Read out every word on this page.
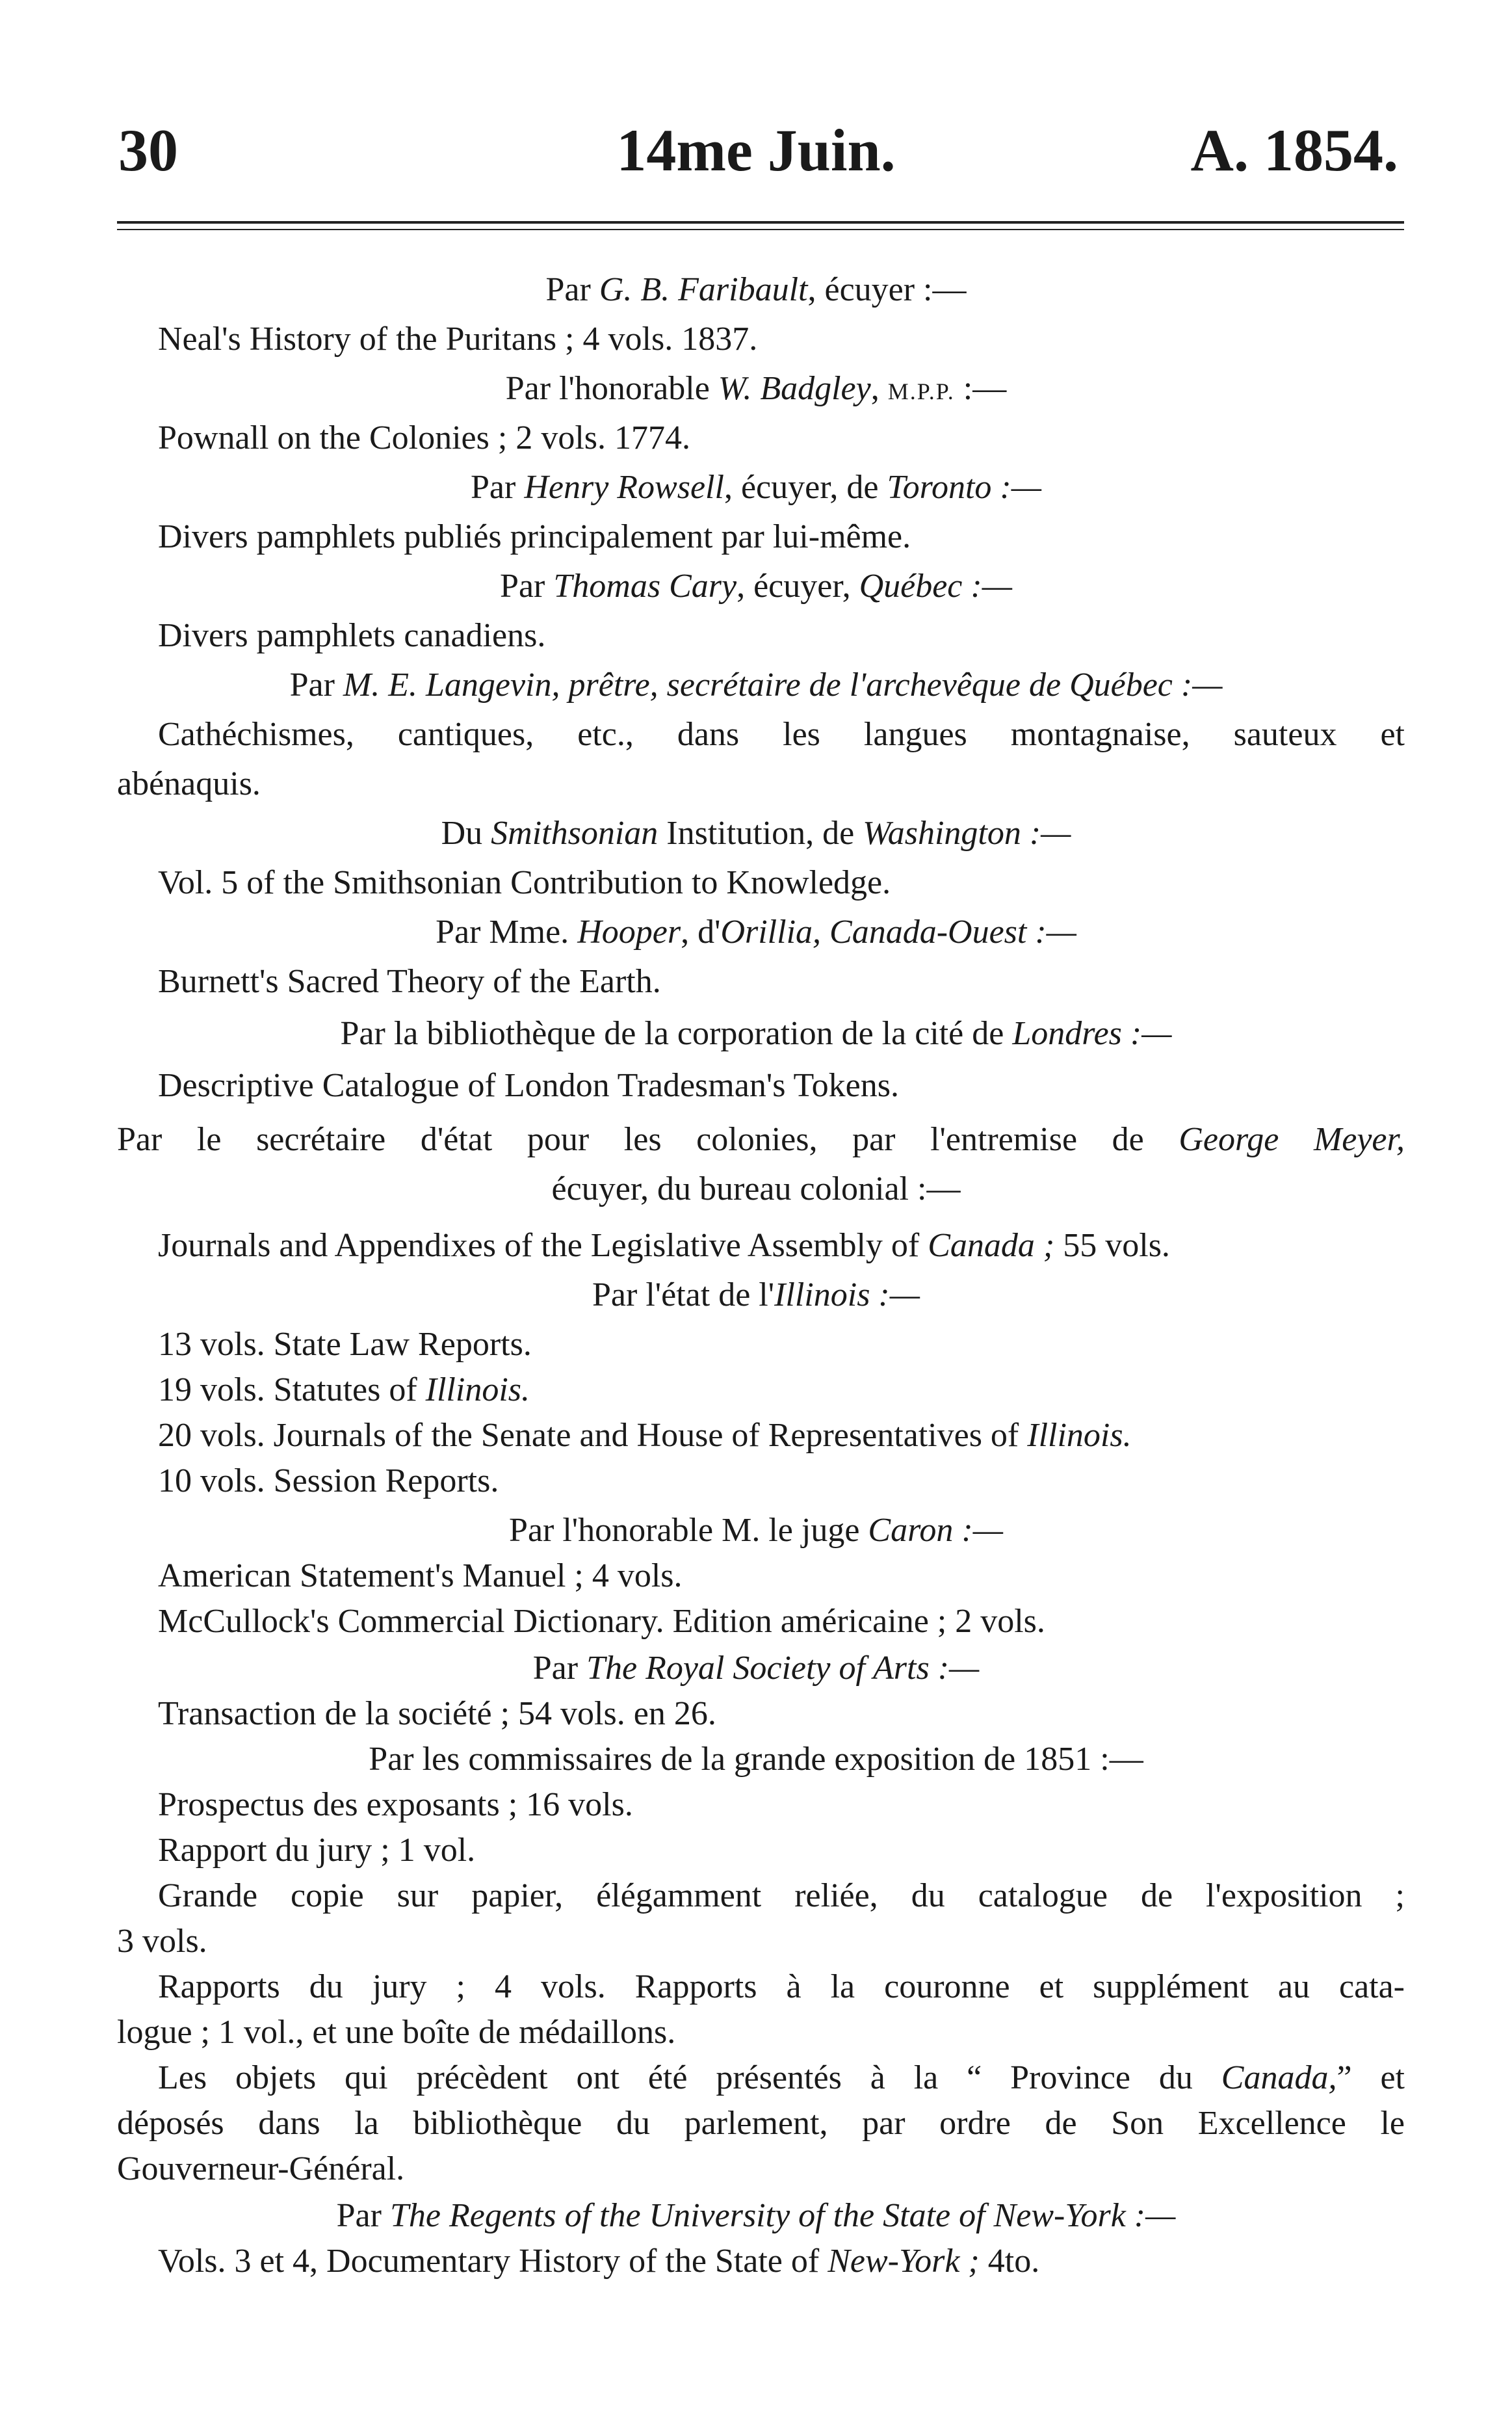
30	14me Juin.	A. 1854.
Par G. B. Faribault, écuyer :—
Neal's History of the Puritans ; 4 vols. 1837.
Par l'honorable W. Badgley, M.P.P. :—
Pownall on the Colonies ; 2 vols. 1774.
Par Henry Rowsell, écuyer, de Toronto :—
Divers pamphlets publiés principalement par lui-même.
Par Thomas Cary, écuyer, Québec :—
Divers pamphlets canadiens.
Par M. E. Langevin, prêtre, secrétaire de l'archevêque de Québec :—
Cathéchismes, cantiques, etc., dans les langues montagnaise, sauteux et
abénaquis.
Du Smithsonian Institution, de Washington :—
Vol. 5 of the Smithsonian Contribution to Knowledge.
Par Mme. Hooper, d'Orillia, Canada-Ouest :—
Burnett's Sacred Theory of the Earth.
Par la bibliothèque de la corporation de la cité de Londres :—
Descriptive Catalogue of London Tradesman's Tokens.
Par le secrétaire d'état pour les colonies, par l'entremise de George Meyer,
écuyer, du bureau colonial :—
Journals and Appendixes of the Legislative Assembly of Canada ; 55 vols.
Par l'état de l'Illinois :—
13 vols. State Law Reports.
19 vols. Statutes of Illinois.
20 vols. Journals of the Senate and House of Representatives of Illinois.
10 vols. Session Reports.
Par l'honorable M. le juge Caron :—
American Statement's Manuel ; 4 vols.
McCullock's Commercial Dictionary. Edition américaine ; 2 vols.
Par The Royal Society of Arts :—
Transaction de la société ; 54 vols. en 26.
Par les commissaires de la grande exposition de 1851 :—
Prospectus des exposants ; 16 vols.
Rapport du jury ; 1 vol.
Grande copie sur papier, élégamment reliée, du catalogue de l'exposition ;
3 vols.
Rapports du jury ; 4 vols. Rapports à la couronne et supplément au cata-
logue ; 1 vol., et une boîte de médaillons.
Les objets qui précèdent ont été présentés à la “ Province du Canada,” et
déposés dans la bibliothèque du parlement, par ordre de Son Excellence le
Gouverneur-Général.
Par The Regents of the University of the State of New-York :—
Vols. 3 et 4, Documentary History of the State of New-York ; 4to.
